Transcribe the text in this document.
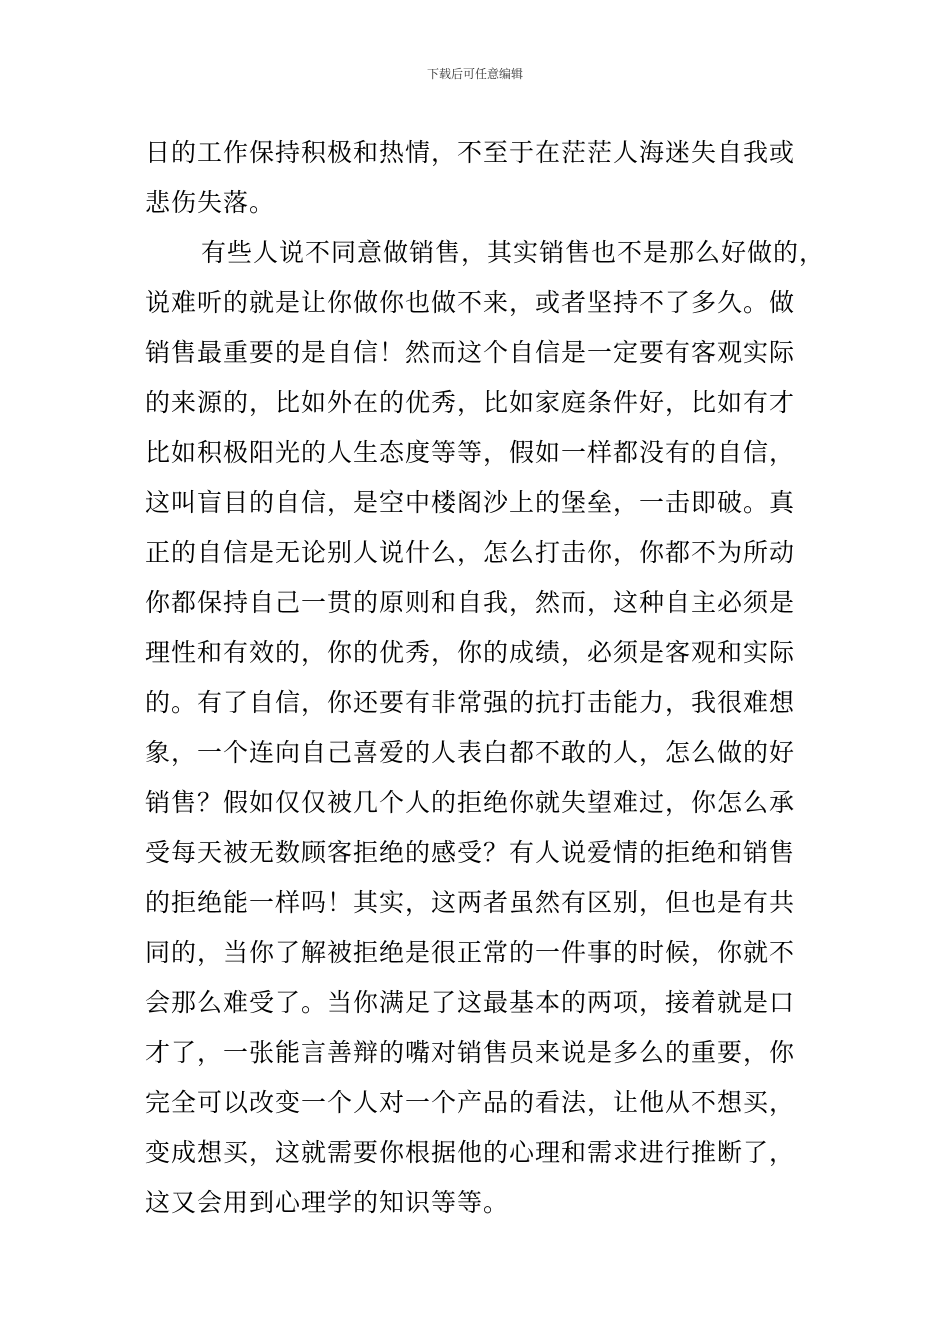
下载后可任意编辑
日的工作保持积极和热情，不至于在茫茫人海迷失自我或
悲伤失落。
有些人说不同意做销售，其实销售也不是那么好做的，
说难听的就是让你做你也做不来，或者坚持不了多久。做
销售最重要的是自信！然而这个自信是一定要有客观实际
的来源的，比如外在的优秀，比如家庭条件好，比如有才
比如积极阳光的人生态度等等，假如一样都没有的自信，
这叫盲目的自信，是空中楼阁沙上的堡垒，一击即破。真
正的自信是无论别人说什么，怎么打击你，你都不为所动
你都保持自己一贯的原则和自我，然而，这种自主必须是
理性和有效的，你的优秀，你的成绩，必须是客观和实际
的。有了自信，你还要有非常强的抗打击能力，我很难想
象，一个连向自己喜爱的人表白都不敢的人，怎么做的好
销售？假如仅仅被几个人的拒绝你就失望难过，你怎么承
受每天被无数顾客拒绝的感受？有人说爱情的拒绝和销售
的拒绝能一样吗！其实，这两者虽然有区别，但也是有共
同的，当你了解被拒绝是很正常的一件事的时候，你就不
会那么难受了。当你满足了这最基本的两项，接着就是口
才了，一张能言善辩的嘴对销售员来说是多么的重要，你
完全可以改变一个人对一个产品的看法，让他从不想买，
变成想买，这就需要你根据他的心理和需求进行推断了，
这又会用到心理学的知识等等。
